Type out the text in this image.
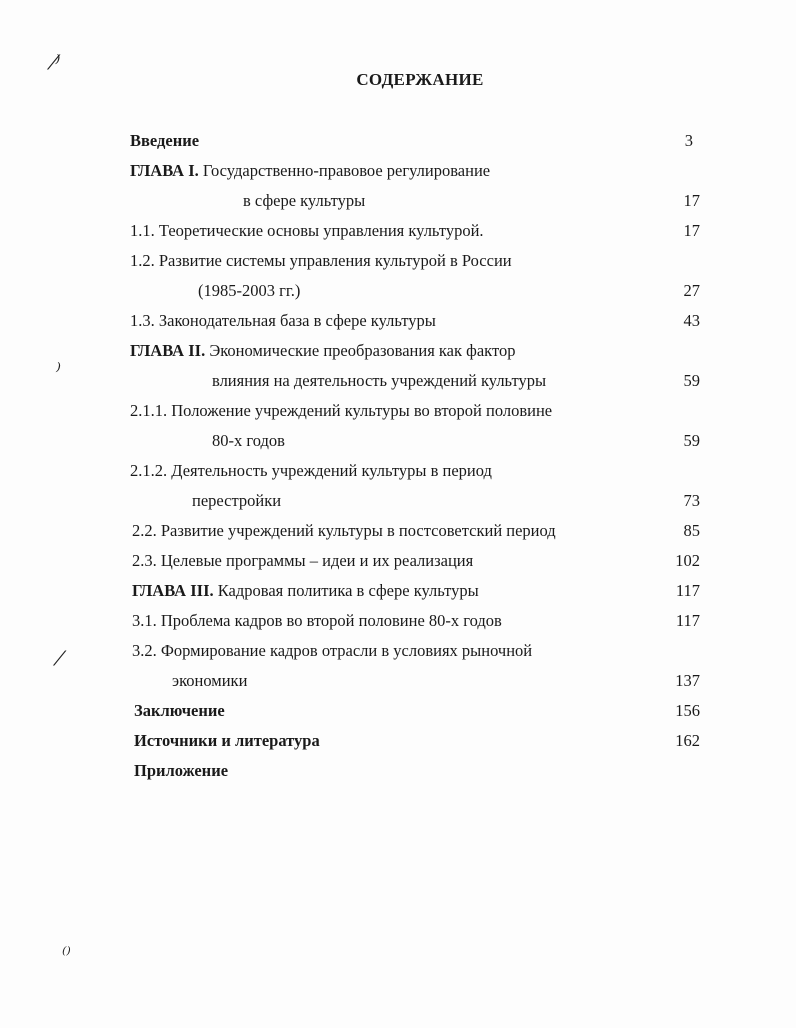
⁄⁾
⁾
⁄
⁽⁾
СОДЕРЖАНИЕ
Введение	3
ГЛАВА I. Государственно-правовое регулирование
в сфере культуры	17
1.1. Теоретические основы управления культурой.	17
1.2. Развитие системы управления культурой в России
(1985-2003 гг.)	27
1.3. Законодательная база в сфере культуры	43
ГЛАВА II. Экономические преобразования как фактор
влияния на деятельность учреждений культуры	59
2.1.1. Положение учреждений культуры во второй половине
80-х годов	59
2.1.2. Деятельность учреждений культуры в период
перестройки	73
2.2. Развитие учреждений культуры в постсоветский период	85
2.3. Целевые программы – идеи и их реализация	102
ГЛАВА III. Кадровая политика в сфере культуры	117
3.1. Проблема кадров во второй половине 80-х годов	117
3.2. Формирование кадров отрасли в условиях рыночной
экономики	137
Заключение	156
Источники и литература	162
Приложение
